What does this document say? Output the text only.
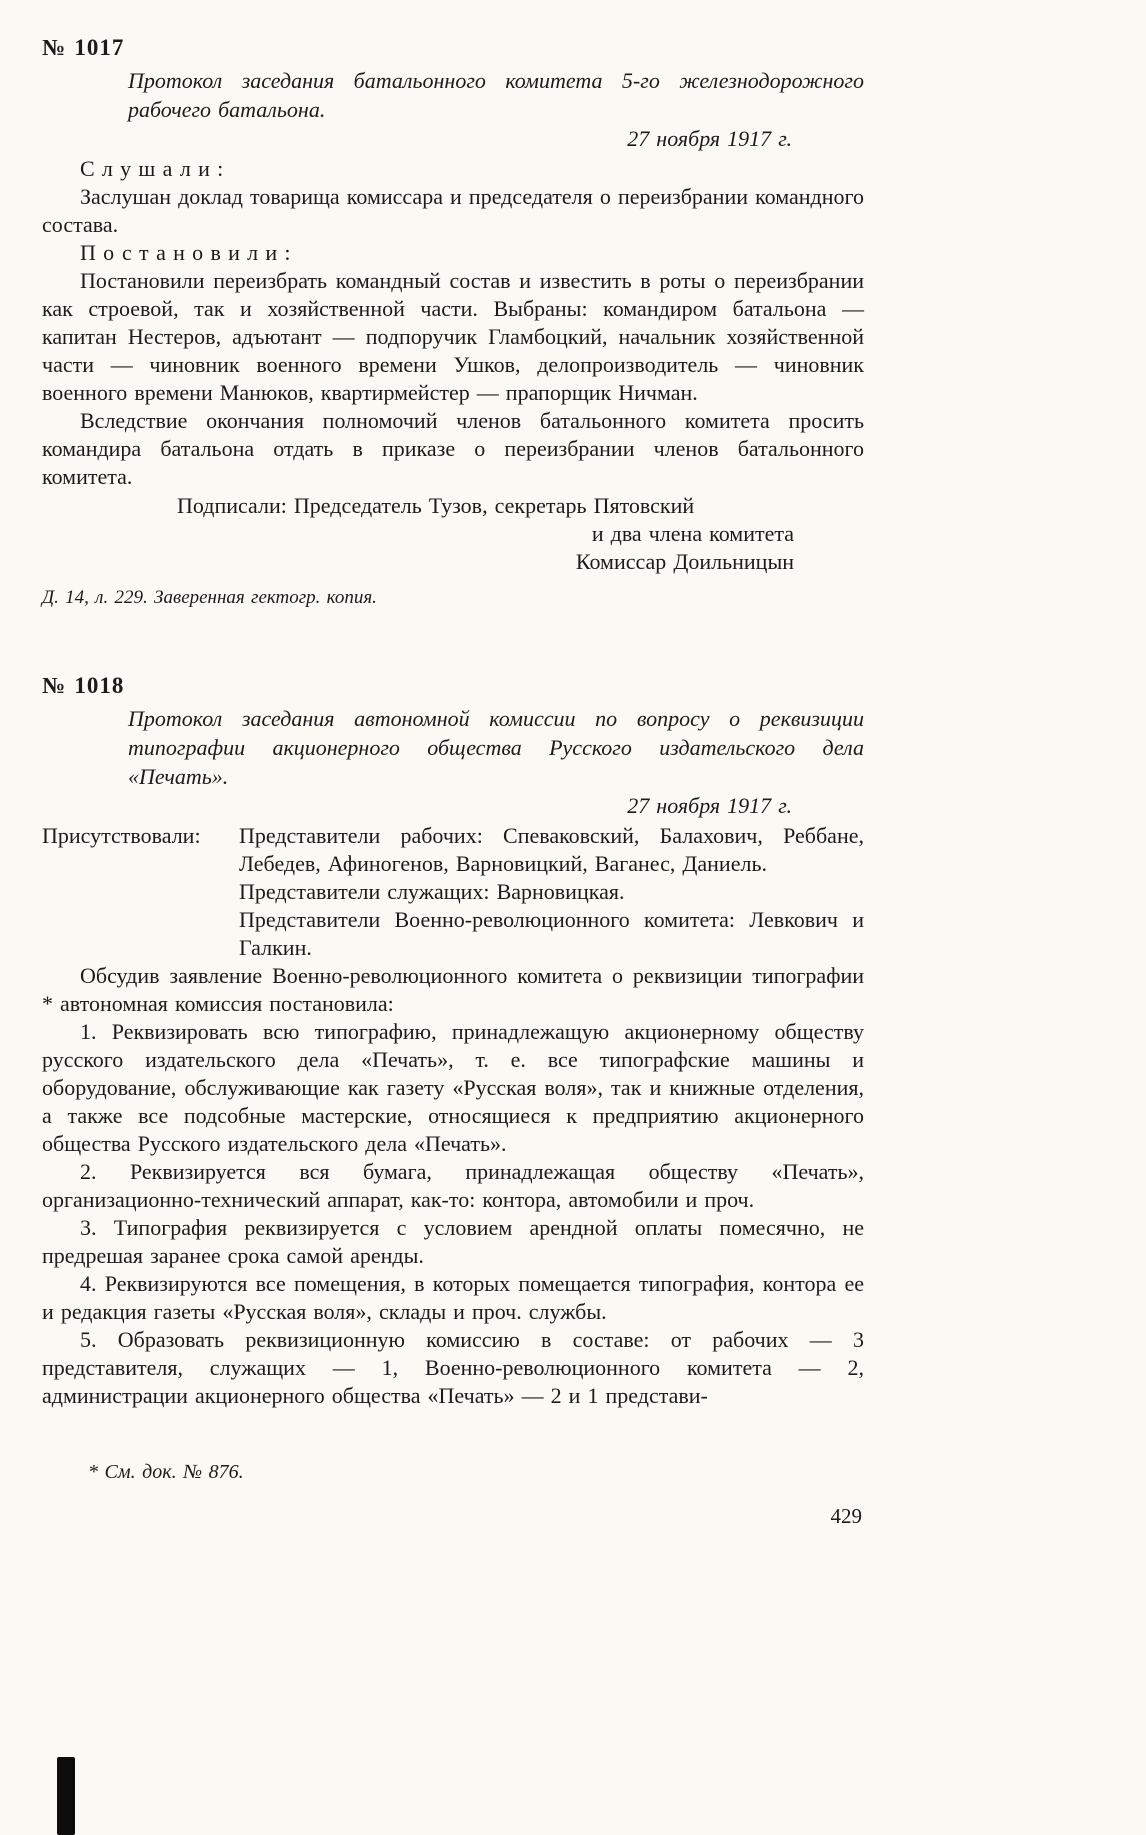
№ 1017

Протокол заседания батальонного комитета 5-го железнодорожного рабочего батальона.
27 ноября 1917 г.

Слушали:

Заслушан доклад товарища комиссара и председателя о переизбрании командного состава.

Постановили:

Постановили переизбрать командный состав и известить в роты о переизбрании как строевой, так и хозяйственной части. Выбраны: командиром батальона — капитан Нестеров, адъютант — подпоручик Гламбоцкий, начальник хозяйственной части — чиновник военного времени Ушков, делопроизводитель — чиновник военного времени Манюков, квартирмейстер — прапорщик Ничман.

Вследствие окончания полномочий членов батальонного комитета просить командира батальона отдать в приказе о переизбрании членов батальонного комитета.

Подписали: Председатель Тузов, секретарь Пятовский

и два члена комитета

Комиссар Доильницын

Д. 14, л. 229. Заверенная гектогр. копия.

№ 1018

Протокол заседания автономной комиссии по вопросу о реквизиции типографии акционерного общества Русского издательского дела «Печать».
27 ноября 1917 г.
Присутствовали:	Представители рабочих: Спеваковский, Балахович, Реббане, Лебедев, Афиногенов, Варновицкий, Ваганес, Даниель.

Представители служащих: Варновицкая.

Представители Военно-революционного комитета: Левкович и Галкин.

Обсудив заявление Военно-революционного комитета о реквизиции типографии * автономная комиссия постановила:

1. Реквизировать всю типографию, принадлежащую акционерному обществу русского издательского дела «Печать», т. е. все типографские машины и оборудование, обслуживающие как газету «Русская воля», так и книжные отделения, а также все подсобные мастерские, относящиеся к предприятию акционерного общества Русского издательского дела «Печать».

2. Реквизируется вся бумага, принадлежащая обществу «Печать», организационно-технический аппарат, как-то: контора, автомобили и проч.

3. Типография реквизируется с условием арендной оплаты помесячно, не предрешая заранее срока самой аренды.

4. Реквизируются все помещения, в которых помещается типография, контора ее и редакция газеты «Русская воля», склады и проч. службы.

5. Образовать реквизиционную комиссию в составе: от рабочих — 3 представителя, служащих — 1, Военно-революционного комитета — 2, администрации акционерного общества «Печать» — 2 и 1 представи-

* См. док. № 876.

429
